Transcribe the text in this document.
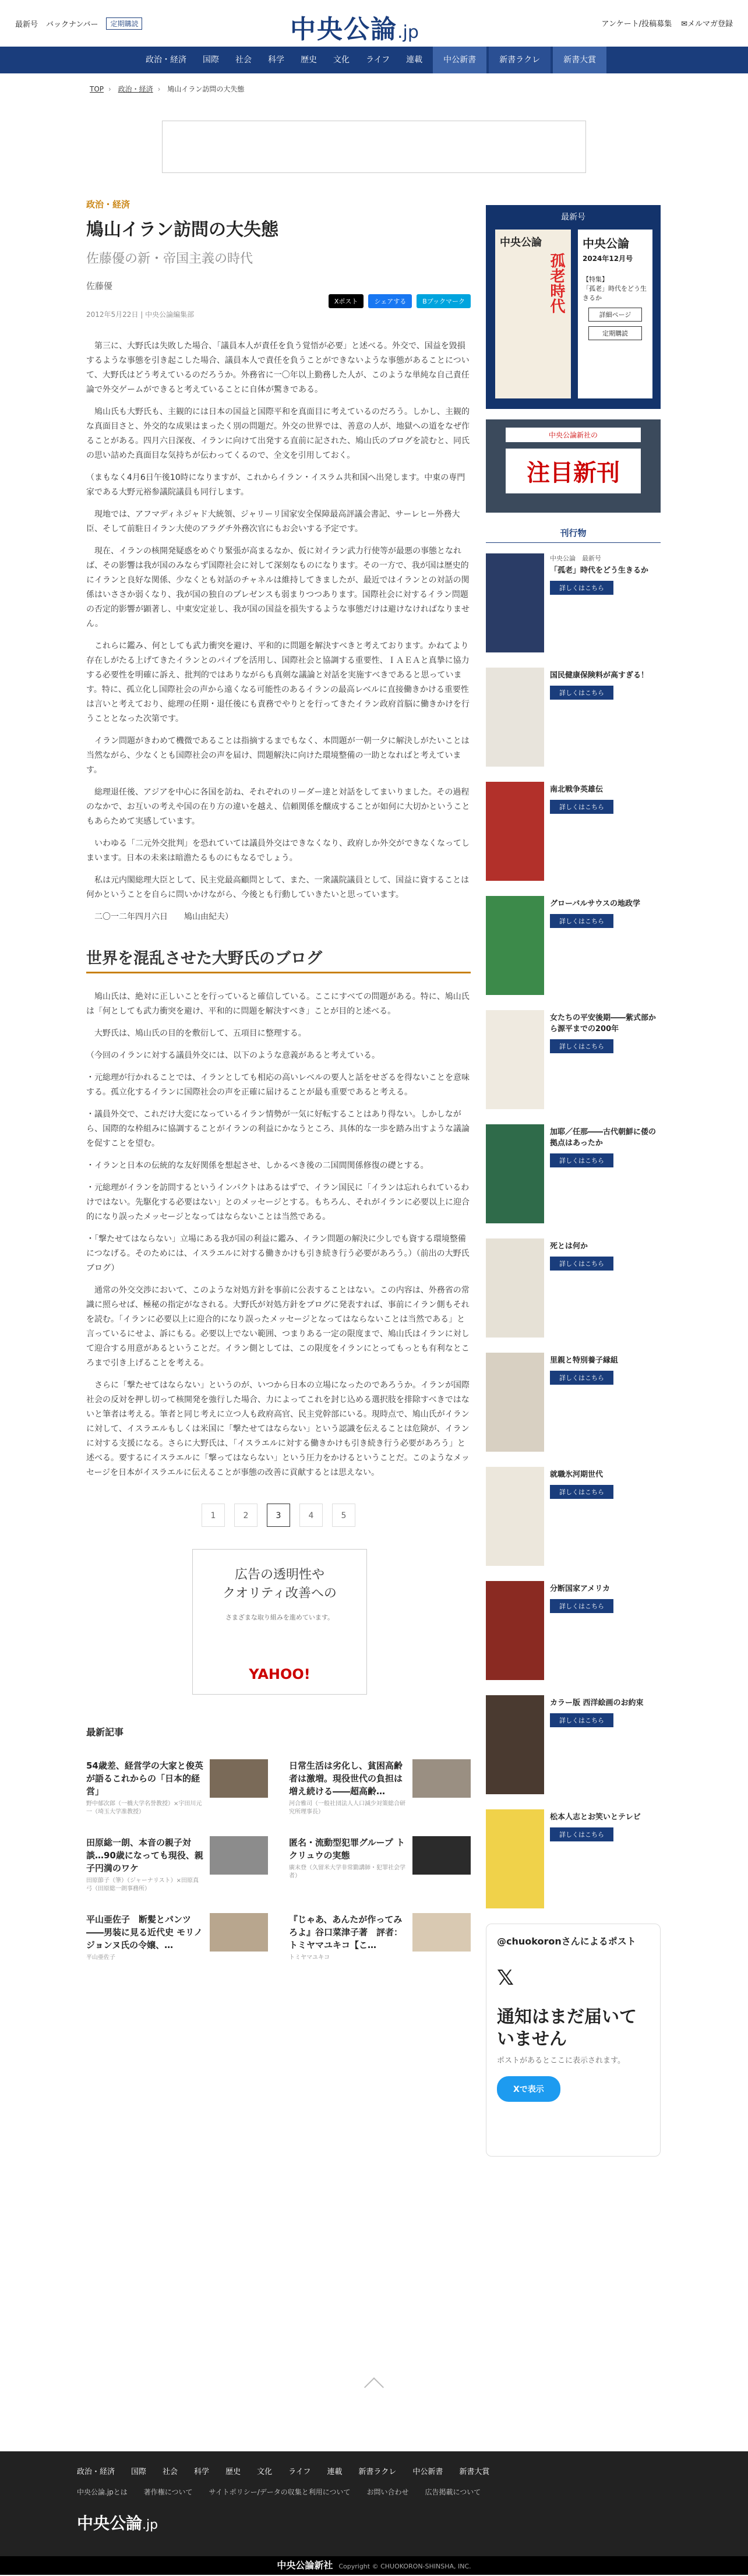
最新号 バックナンバー	定期購読	中央公論.jp	アンケート/投稿募集 ✉メルマガ登録
政治・経済	国際	社会	科学	歴史	文化	ライフ	連載	中公新書	新書ラクレ	新書大賞
TOP › 政治・経済 › 鳩山イラン訪問の大失態
政治・経済
鳩山イラン訪問の大失態
佐藤優の新・帝国主義の時代
佐藤優
2012年5月22日 | 中央公論編集部
Xポスト	シェアする	Bブックマーク

第三に、大野氏は失敗した場合、「議員本人が責任を負う覚悟が必要」と述べる。外交で、国益を毀損するような事態を引き起こした場合、議員本人で責任を負うことができないような事態があることについて、大野氏はどう考えているのだろうか。外務省に一〇年以上勤務した人が、このような単純な自己責任論で外交ゲームができると考えていることに自体が驚きである。

鳩山氏も大野氏も、主観的には日本の国益と国際平和を真面目に考えているのだろう。しかし、主観的な真面目さと、外交的な成果はまったく別の問題だ。外交の世界では、善意の人が、地獄への道をなぜ作ることがある。四月六日深夜、イランに向けて出発する直前に記された、鳩山氏のブログを読むと、同氏の思い詰めた真面目な気持ちが伝わってくるので、全文を引用しておく。

（まもなく4月6日午後10時になりますが、これからイラン・イスラム共和国へ出発します。中東の専門家である大野元裕参議院議員も同行します。

現地では、アフマディネジャド大統領、ジャリーリ国家安全保障最高評議会書記、サーレヒー外務大臣、そして前駐日イラン大使のアラグチ外務次官にもお会いする予定です。

現在、イランの核開発疑惑をめぐり緊張が高まるなか、仮に対イラン武力行使等が最悪の事態となれば、その影響は我が国のみならず国際社会に対して深刻なものになります。その一方で、我が国は歴史的にイランと良好な関係、少なくとも対話のチャネルは維持してきましたが、最近ではイランとの対話の関係はいささか弱くなり、我が国の独自のプレゼンスも弱まりつつあります。国際社会に対するイラン問題の否定的影響が顕著し、中東安定並し、我が国の国益を損失するような事態だけは避けなければなりません。

これらに鑑み、何としても武力衝突を避け、平和的に問題を解決すべきと考えております。かねてより存在しがたる上げてきたイランとのパイプを活用し、国際社会と協調する重要性、ＩＡＥＡと真摯に協力する必要性を明確に訴え、批判的ではありながらも真剣な議論と対話を実施すべきであると思っています。特に、孤立化し国際社会の声から遠くなる可能性のあるイランの最高レベルに直接働きかける重要性は言いと考えており、総理の任期・退任後にも責務でやりとを行ってきたイラン政府首脳に働きかけを行うこととなった次第です。

イラン問題がきわめて機微であることは指摘するまでもなく、本問題が一朝一夕に解決しがたいことは当然ながら、少なくとも国際社会の声を届け、問題解決に向けた環境整備の一助となればと考えています。

総理退任後、アジアを中心に各国を訪ね、それぞれのリーダー達と対話をしてまいりました。その過程のなかで、お互いの考えや国の在り方の違いを越え、信頼関係を醸成することが如何に大切かということもあらためて実感しています。

いわゆる「二元外交批判」を恐れていては議員外交はできなくなり、政府しか外交ができなくなってしまいます。日本の未来は暗澹たるものにもなるでしょう。

私は元内閣総理大臣として、民主党最高顧問として、また、一衆議院議員として、国益に資することは何かということを自らに問いかけながら、今後とも行動していきたいと思っています。

二〇一二年四月六日　　鳩山由紀夫）

世界を混乱させた大野氏のブログ

鳩山氏は、絶対に正しいことを行っていると確信している。ここにすべての問題がある。特に、鳩山氏は「何としても武力衝突を避け、平和的に問題を解決すべき」ことが目的と述べる。

大野氏は、鳩山氏の目的を敷衍して、五項目に整理する。

（今回のイランに対する議員外交には、以下のような意義があると考えている。

・元総理が行かれることでは、イランとしても相応の高いレベルの要人と話をせざるを得ないことを意味する。孤立化するイランに国際社会の声を正確に届けることが最も重要であると考える。

・議員外交で、これだけ大変になっているイラン情勢が一気に好転することはあり得ない。しかしながら、国際的な枠組みに協調することがイランの利益にかなうところ、具体的な一歩を踏み出すような議論を促すことを望む。

・イランと日本の伝統的な友好関係を想起させ、しかるべき後の二国間関係修復の礎とする。

・元総理がイランを訪問するというインパクトはあるはずで、イラン国民に「イランは忘れられているわけではない。先駆化する必要はない」とのメッセージとする。もちろん、それがイランに必要以上に迎合的になり誤ったメッセージとなってはならないことは当然である。

・「撃たせてはならない」立場にある我が国の利益に鑑み、イラン問題の解決に少しでも資する環境整備につなげる。そのためには、イスラエルに対する働きかけも引き続き行う必要があろう。）（前出の大野氏ブログ）

通常の外交交渉において、このような対処方針を事前に公表することはない。この内容は、外務省の常識に照らせば、極秘の指定がなされる。大野氏が対処方針をブログに発表すれば、事前にイラン側もそれを読む。「イランに必要以上に迎合的になり誤ったメッセージとなってはならないことは当然である」と言っているにせよ、訴にもる。必要以上でない範囲、つまりある一定の限度まで、鳩山氏はイランに対して迎合する用意があるということだ。イラン側としては、この限度をイランにとってもっとも有利なところまで引き上げることを考える。

さらに「撃たせてはならない」というのが、いつから日本の立場になったのであろうか。イランが国際社会の反対を押し切って核開発を強行した場合、力によってこれを封じ込める選択肢を排除すべきではないと筆者は考える。筆者と同じ考えに立つ人も政府高官、民主党幹部にいる。現時点で、鳩山氏がイランに対して、イスラエルもしくは米国に「撃たせてはならない」という認識を伝えることは危険が、イランに対する支援になる。さらに大野氏は、「イスラエルに対する働きかけも引き続き行う必要があろう」と述べる。要するにイスラエルに「撃ってはならない」という圧力をかけるということだ。このようなメッセージを日本がイスラエルに伝えることが事態の改善に貢献するとは思えない。

1	2	3	4	5
広告の透明性や
クオリティ改善への
さまざまな取り組みを進めています。
YAHOO!
最新記事
54歳差、経営学の大家と俊英が語るこれからの「日本的経営」
野中郁次郎（一橋大学名誉教授）×宇田川元一（埼玉大学准教授）
日常生活は劣化し、貧困高齢者は激増。現役世代の負担は増え続ける――超高齢…
河合雅司（一般社団法人人口減少対策総合研究所理事長）
田原総一朗、本音の親子対談…90歳になっても現役、親子円満のワケ
田原節子（筆）（ジャーナリスト）×田原真弓（田原総一朗事務所）
匿名・流動型犯罪グループ トクリュウの実態
廣末登（久留米大学非常勤講師・犯罪社会学者）
平山亜佐子　断髪とパンツ――男装に見る近代史 モリノジョンヌ氏の令嬢、…
平山亜佐子
『じゃあ、あんたが作ってみろよ』谷口菜津子著　評者：トミヤマユキコ【こ…
トミヤマユキコ
最新号
中央公論
孤老時代
中央公論
2024年12月号
【特集】
「孤老」時代をどう生きるか
詳細ページ
定期購読
中央公論新社の
注目新刊
刊行物
中央公論　最新号
「孤老」時代をどう生きるか
詳しくはこちら
国民健康保険料が高すぎる！
詳しくはこちら
南北戦争英雄伝
詳しくはこちら
グローバルサウスの地政学
詳しくはこちら
女たちの平安後期――紫式部から源平までの200年
詳しくはこちら
加耶／任那――古代朝鮮に倭の拠点はあったか
詳しくはこちら
死とは何か
詳しくはこちら
里親と特別養子縁組
詳しくはこちら
就職氷河期世代
詳しくはこちら
分断国家アメリカ
詳しくはこちら
カラー版 西洋絵画のお約束
詳しくはこちら
松本人志とお笑いとテレビ
詳しくはこちら
@chuokoronさんによるポスト
𝕏
通知はまだ届いていません
ポストがあるとここに表示されます。
Xで表示
政治・経済	国際	社会	科学	歴史	文化	ライフ	連載	新書ラクレ	中公新書	新書大賞
中央公論.jpとは 著作権について サイトポリシー/データの収集と利用について お問い合わせ 広告掲載について
中央公論.jp
中央公論新社 Copyright © CHUOKORON-SHINSHA, INC.
